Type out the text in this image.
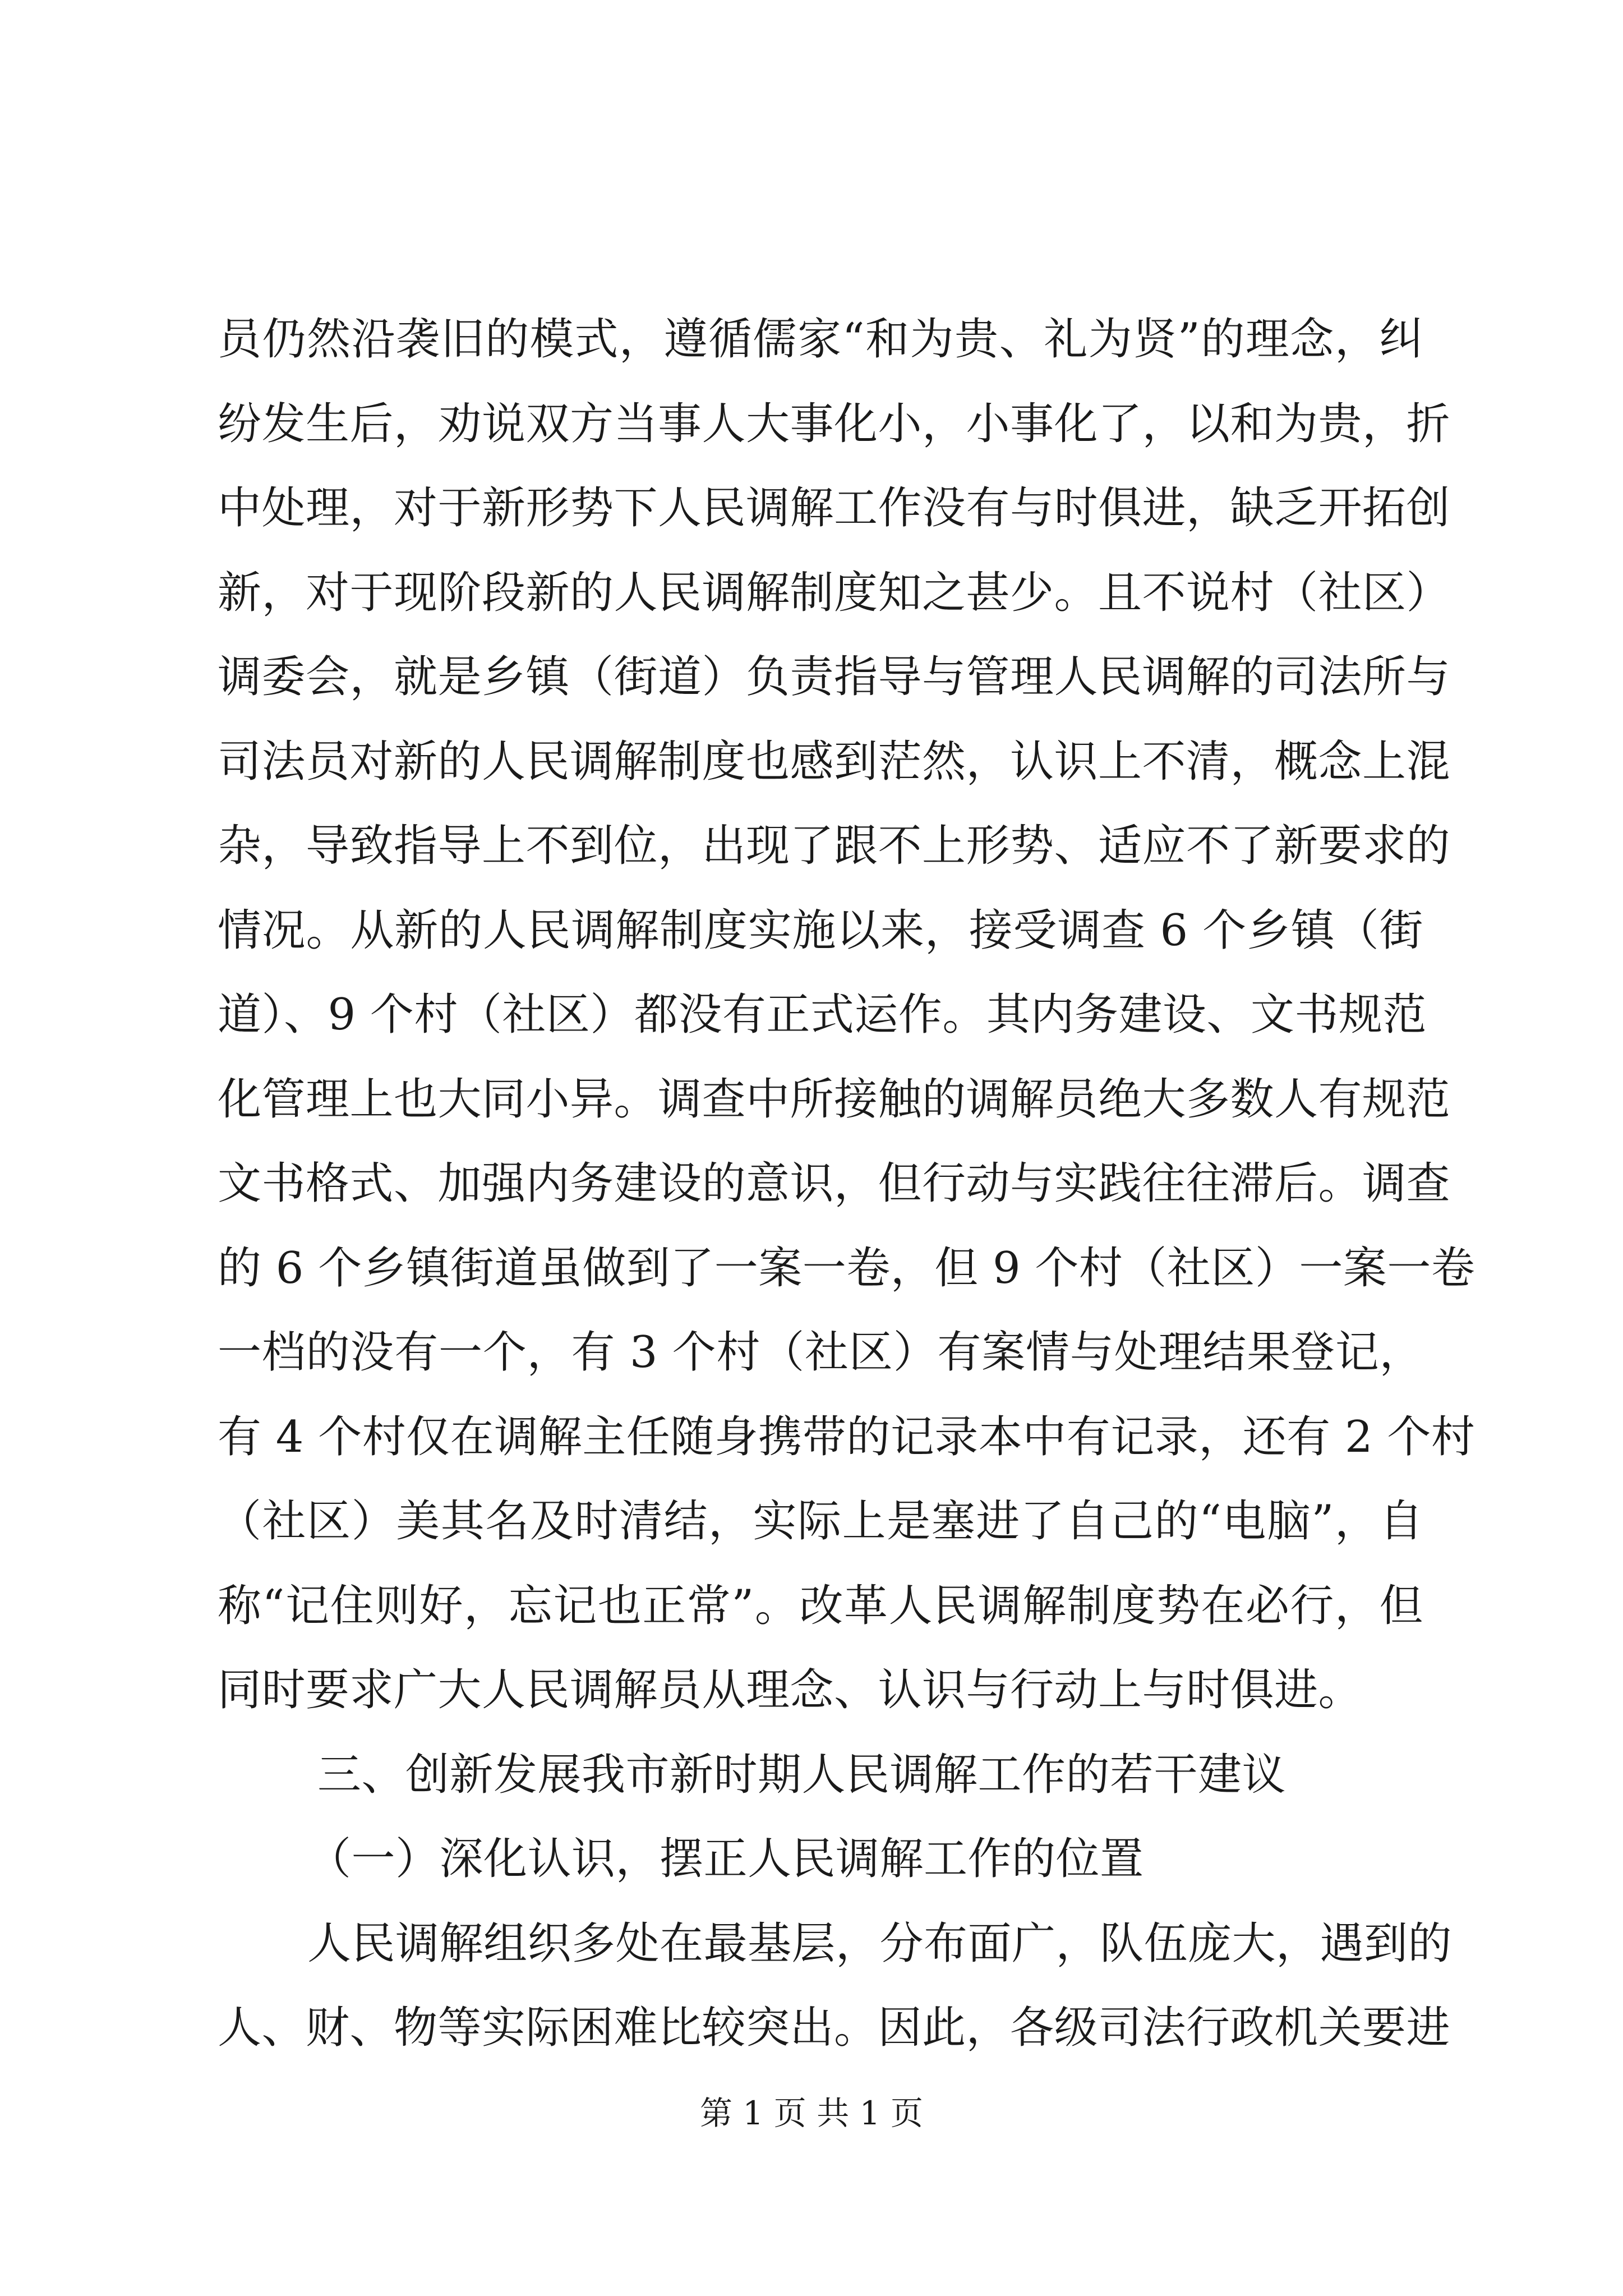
员仍然沿袭旧的模式，遵循儒家“和为贵、礼为贤”的理念，纠
纷发生后，劝说双方当事人大事化小，小事化了，以和为贵，折
中处理，对于新形势下人民调解工作没有与时俱进，缺乏开拓创
新，对于现阶段新的人民调解制度知之甚少。且不说村（社区）
调委会，就是乡镇（街道）负责指导与管理人民调解的司法所与
司法员对新的人民调解制度也感到茫然，认识上不清，概念上混
杂，导致指导上不到位，出现了跟不上形势、适应不了新要求的
情况。从新的人民调解制度实施以来，接受调查 6 个乡镇（街
道）、9 个村（社区）都没有正式运作。其内务建设、文书规范
化管理上也大同小异。调查中所接触的调解员绝大多数人有规范
文书格式、加强内务建设的意识，但行动与实践往往滞后。调查
的 6 个乡镇街道虽做到了一案一卷，但 9 个村（社区）一案一卷
一档的没有一个，有 3 个村（社区）有案情与处理结果登记，
有 4 个村仅在调解主任随身携带的记录本中有记录，还有 2 个村
（社区）美其名及时清结，实际上是塞进了自己的“电脑”，自
称“记住则好，忘记也正常”。改革人民调解制度势在必行，但
同时要求广大人民调解员从理念、认识与行动上与时俱进。
三、创新发展我市新时期人民调解工作的若干建议
（一）深化认识，摆正人民调解工作的位置
人民调解组织多处在最基层，分布面广，队伍庞大，遇到的
人、财、物等实际困难比较突出。因此，各级司法行政机关要进
第 1 页 共 1 页
